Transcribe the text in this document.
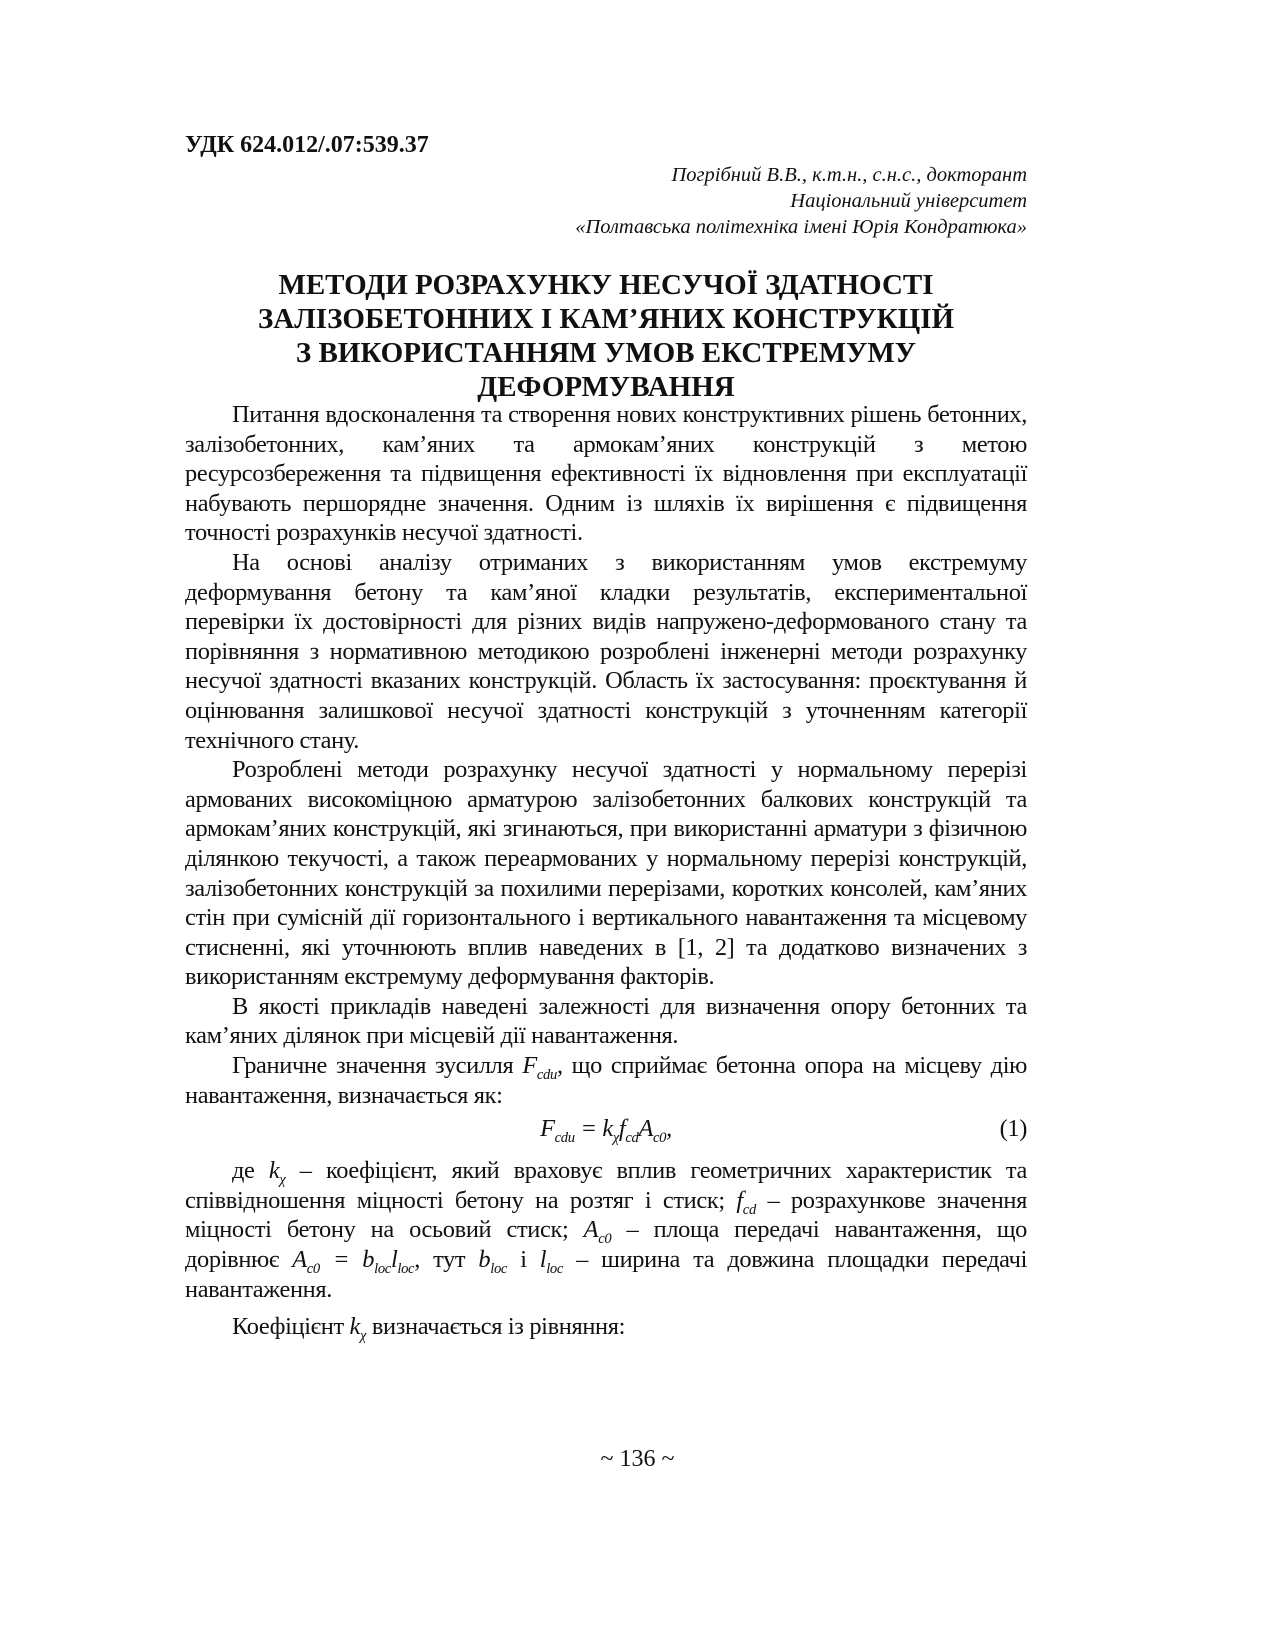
УДК 624.012/.07:539.37
Погрібний В.В., к.т.н., с.н.с., докторант
Національний університет
«Полтавська політехніка імені Юрія Кондратюка»
МЕТОДИ РОЗРАХУНКУ НЕСУЧОЇ ЗДАТНОСТІ
ЗАЛІЗОБЕТОННИХ І КАМ’ЯНИХ КОНСТРУКЦІЙ
З ВИКОРИСТАННЯМ УМОВ ЕКСТРЕМУМУ
ДЕФОРМУВАННЯ

Питання вдосконалення та створення нових конструктивних рішень бетонних, залізобетонних, кам’яних та армокам’яних конструкцій з метою ресурсозбереження та підвищення ефективності їх відновлення при експлуатації набувають першорядне значення. Одним із шляхів їх вирішення є підвищення точності розрахунків несучої здатності.

На основі аналізу отриманих з використанням умов екстремуму деформування бетону та кам’яної кладки результатів, експериментальної перевірки їх достовірності для різних видів напружено-деформованого стану та порівняння з нормативною методикою розроблені інженерні методи розрахунку несучої здатності вказаних конструкцій. Область їх застосування: проєктування й оцінювання залишкової несучої здатності конструкцій з уточненням категорії технічного стану.

Розроблені методи розрахунку несучої здатності у нормальному перерізі армованих високоміцною арматурою залізобетонних балкових конструкцій та армокам’яних конструкцій, які згинаються, при використанні арматури з фізичною ділянкою текучості, а також переармованих у нормальному перерізі конструкцій, залізобетонних конструкцій за похилими перерізами, коротких консолей, кам’яних стін при сумісній дії горизонтального і вертикального навантаження та місцевому стисненні, які уточнюють вплив наведених в [1, 2] та додатково визначених з використанням екстремуму деформування факторів.

В якості прикладів наведені залежності для визначення опору бетонних та кам’яних ділянок при місцевій дії навантаження.

Граничне значення зусилля $F_{cdu}$, що сприймає бетонна опора на місцеву дію навантаження, визначається як:

$F_{cdu} = k_\chi f_{cd}A_{c0}$,	(1)

де $k_\chi$ – коефіцієнт, який враховує вплив геометричних характеристик та співвідношення міцності бетону на розтяг і стиск; $f_{cd}$ – розрахункове значення міцності бетону на осьовий стиск; $A_{c0}$ – площа передачі навантаження, що дорівнює $A_{c0} = b_{loc}l_{loc}$, тут $b_{loc}$ і $l_{loc}$ – ширина та довжина площадки передачі навантаження.

Коефіцієнт $k_\chi$ визначається із рівняння:

~ 136 ~
